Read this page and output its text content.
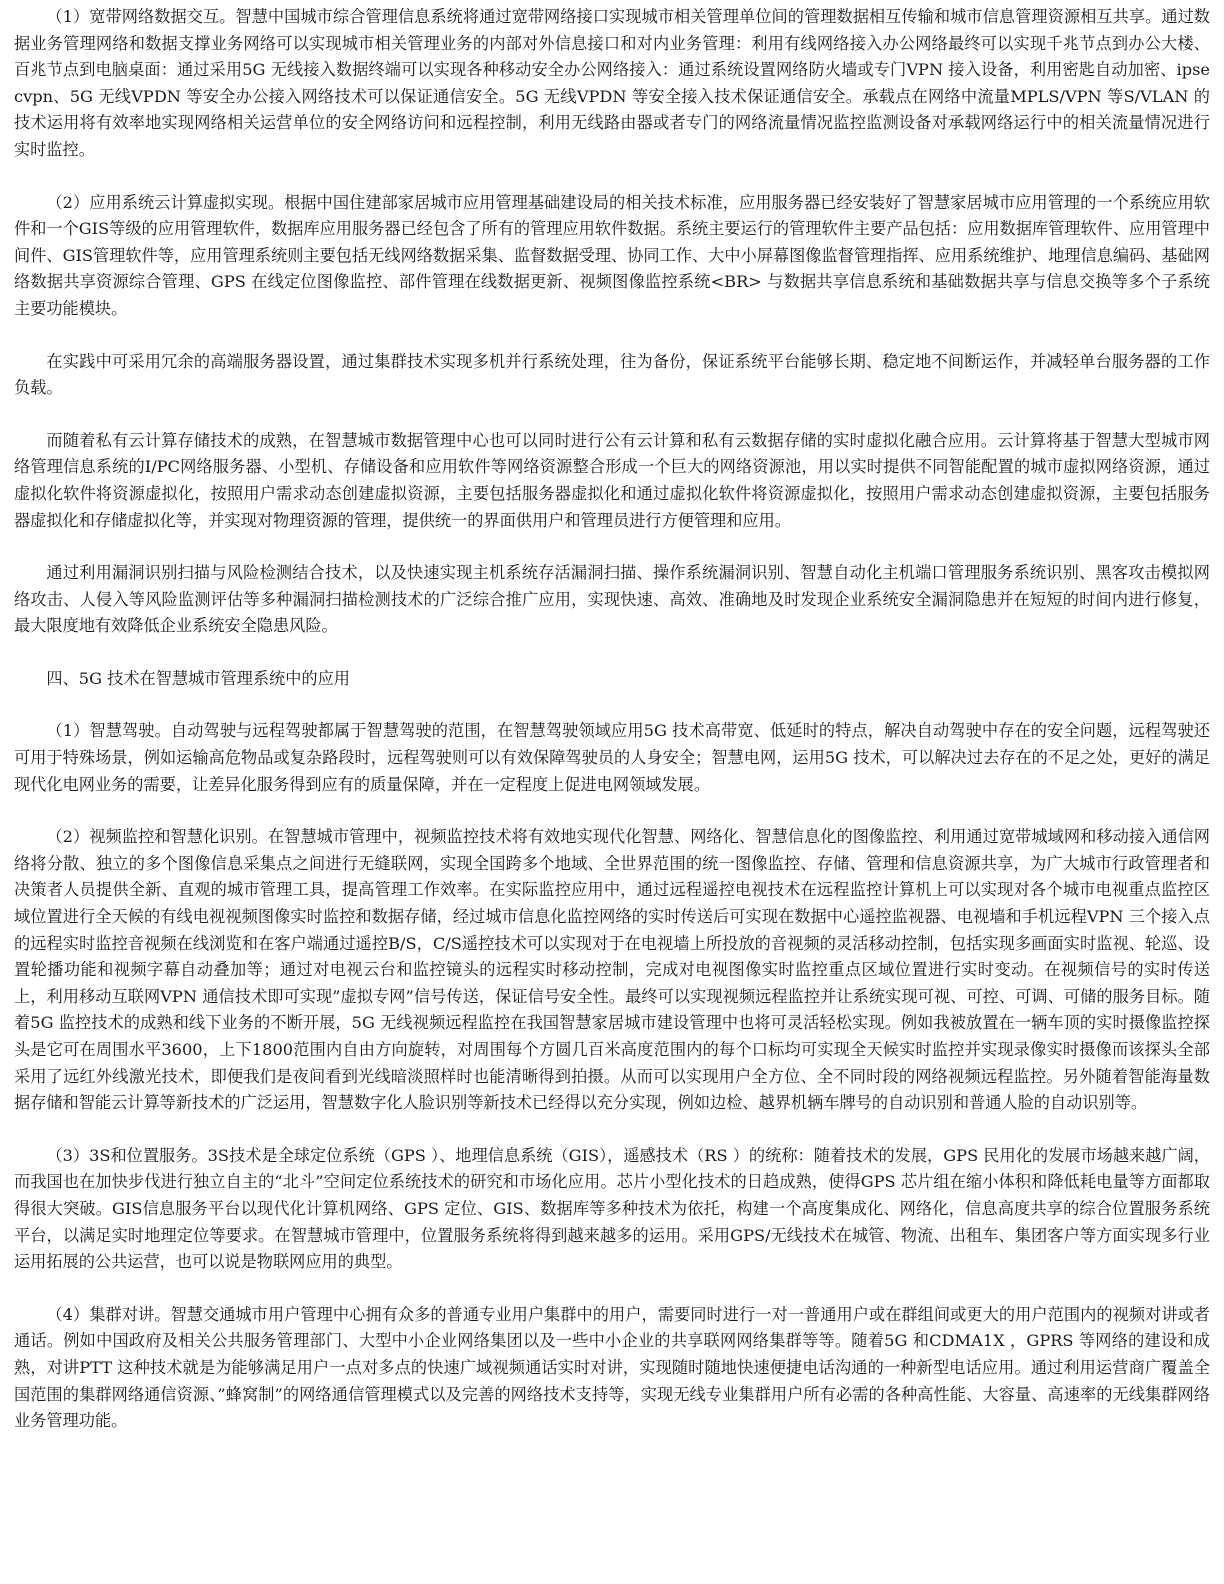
（1）宽带网络数据交互。智慧中国城市综合管理信息系统将通过宽带网络接口实现城市相关管理单位间的管理数据相互传输和城市信息管理资源相互共享。通过数据业务管理网络和数据支撑业务网络可以实现城市相关管理业务的内部对外信息接口和对内业务管理：利用有线网络接入办公网络最终可以实现千兆节点到办公大楼、百兆节点到电脑桌面：通过采用5G 无线接入数据终端可以实现各种移动安全办公网络接入：通过系统设置网络防火墙或专门VPN 接入设备，利用密匙自动加密、ipsecvpn、5G 无线VPDN 等安全办公接入网络技术可以保证通信安全。5G 无线VPDN 等安全接入技术保证通信安全。承载点在网络中流量MPLS/VPN 等S/VLAN 的技术运用将有效率地实现网络相关运营单位的安全网络访问和远程控制，利用无线路由器或者专门的网络流量情况监控监测设备对承载网络运行中的相关流量情况进行实时监控。

（2）应用系统云计算虚拟实现。根据中国住建部家居城市应用管理基础建设局的相关技术标准，应用服务器已经安装好了智慧家居城市应用管理的一个系统应用软件和一个GIS等级的应用管理软件，数据库应用服务器已经包含了所有的管理应用软件数据。系统主要运行的管理软件主要产品包括：应用数据库管理软件、应用管理中间件、GIS管理软件等，应用管理系统则主要包括无线网络数据采集、监督数据受理、协同工作、大中小屏幕图像监督管理指挥、应用系统维护、地理信息编码、基础网络数据共享资源综合管理、GPS 在线定位图像监控、部件管理在线数据更新、视频图像监控系统<BR> 与数据共享信息系统和基础数据共享与信息交换等多个子系统主要功能模块。

在实践中可采用冗余的高端服务器设置，通过集群技术实现多机并行系统处理，往为备份，保证系统平台能够长期、稳定地不间断运作，并减轻单台服务器的工作负载。

而随着私有云计算存储技术的成熟，在智慧城市数据管理中心也可以同时进行公有云计算和私有云数据存储的实时虚拟化融合应用。云计算将基于智慧大型城市网络管理信息系统的I/PC网络服务器、小型机、存储设备和应用软件等网络资源整合形成一个巨大的网络资源池，用以实时提供不同智能配置的城市虚拟网络资源，通过虚拟化软件将资源虚拟化，按照用户需求动态创建虚拟资源，主要包括服务器虚拟化和通过虚拟化软件将资源虚拟化，按照用户需求动态创建虚拟资源，主要包括服务器虚拟化和存储虚拟化等，并实现对物理资源的管理，提供统一的界面供用户和管理员进行方便管理和应用。

通过利用漏洞识别扫描与风险检测结合技术，以及快速实现主机系统存活漏洞扫描、操作系统漏洞识别、智慧自动化主机端口管理服务系统识别、黑客攻击模拟网络攻击、人侵入等风险监测评估等多种漏洞扫描检测技术的广泛综合推广应用，实现快速、高效、准确地及时发现企业系统安全漏洞隐患并在短短的时间内进行修复，最大限度地有效降低企业系统安全隐患风险。

四、5G 技术在智慧城市管理系统中的应用

（1）智慧驾驶。自动驾驶与远程驾驶都属于智慧驾驶的范围，在智慧驾驶领域应用5G 技术高带宽、低延时的特点，解决自动驾驶中存在的安全问题，远程驾驶还可用于特殊场景，例如运输高危物品或复杂路段时，远程驾驶则可以有效保障驾驶员的人身安全；智慧电网，运用5G 技术，可以解决过去存在的不足之处，更好的满足现代化电网业务的需要，让差异化服务得到应有的质量保障，并在一定程度上促进电网领域发展。

（2）视频监控和智慧化识别。在智慧城市管理中，视频监控技术将有效地实现代化智慧、网络化、智慧信息化的图像监控、利用通过宽带城域网和移动接入通信网络将分散、独立的多个图像信息采集点之间进行无缝联网，实现全国跨多个地域、全世界范围的统一图像监控、存储、管理和信息资源共享，为广大城市行政管理者和决策者人员提供全新、直观的城市管理工具，提高管理工作效率。在实际监控应用中，通过远程遥控电视技术在远程监控计算机上可以实现对各个城市电视重点监控区域位置进行全天候的有线电视视频图像实时监控和数据存储，经过城市信息化监控网络的实时传送后可实现在数据中心遥控监视器、电视墙和手机远程VPN 三个接入点的远程实时监控音视频在线浏览和在客户端通过遥控B/S，C/S遥控技术可以实现对于在电视墙上所投放的音视频的灵活移动控制，包括实现多画面实时监视、轮巡、设置轮播功能和视频字幕自动叠加等；通过对电视云台和监控镜头的远程实时移动控制，完成对电视图像实时监控重点区域位置进行实时变动。在视频信号的实时传送上，利用移动互联网VPN 通信技术即可实现”虚拟专网”信号传送，保证信号安全性。最终可以实现视频远程监控并让系统实现可视、可控、可调、可储的服务目标。随着5G 监控技术的成熟和线下业务的不断开展，5G 无线视频远程监控在我国智慧家居城市建设管理中也将可灵活轻松实现。例如我被放置在一辆车顶的实时摄像监控探头是它可在周围水平3600，上下1800范围内自由方向旋转，对周围每个方圆几百米高度范围内的每个口标均可实现全天候实时监控并实现录像实时摄像而该探头全部采用了远红外线激光技术，即便我们是夜间看到光线暗淡照样时也能清晰得到拍摄。从而可以实现用户全方位、全不同时段的网络视频远程监控。另外随着智能海量数据存储和智能云计算等新技术的广泛运用，智慧数字化人脸识别等新技术已经得以充分实现，例如边检、越界机辆车牌号的自动识别和普通人脸的自动识别等。

（3）3S和位置服务。3S技术是全球定位系统（GPS ）、地理信息系统（GIS），遥感技术（RS ）的统称：随着技术的发展，GPS 民用化的发展市场越来越广阔，而我国也在加快步伐进行独立自主的“北斗”空间定位系统技术的研究和市场化应用。芯片小型化技术的日趋成熟，使得GPS 芯片组在缩小体积和降低耗电量等方面都取得很大突破。GIS信息服务平台以现代化计算机网络、GPS 定位、GIS、数据库等多种技术为依托，构建一个高度集成化、网络化，信息高度共享的综合位置服务系统平台，以满足实时地理定位等要求。在智慧城市管理中，位置服务系统将得到越来越多的运用。采用GPS/无线技术在城管、物流、出租车、集团客户等方面实现多行业运用拓展的公共运营，也可以说是物联网应用的典型。

（4）集群对讲。智慧交通城市用户管理中心拥有众多的普通专业用户集群中的用户，需要同时进行一对一普通用户或在群组间或更大的用户范围内的视频对讲或者通话。例如中国政府及相关公共服务管理部门、大型中小企业网络集团以及一些中小企业的共享联网网络集群等等。随着5G 和CDMA1X ，GPRS 等网络的建设和成熟，对讲PTT 这种技术就是为能够满足用户一点对多点的快速广域视频通话实时对讲，实现随时随地快速便捷电话沟通的一种新型电话应用。通过利用运营商广覆盖全国范围的集群网络通信资源、”蜂窝制”的网络通信管理模式以及完善的网络技术支持等，实现无线专业集群用户所有必需的各种高性能、大容量、高速率的无线集群网络业务管理功能。
